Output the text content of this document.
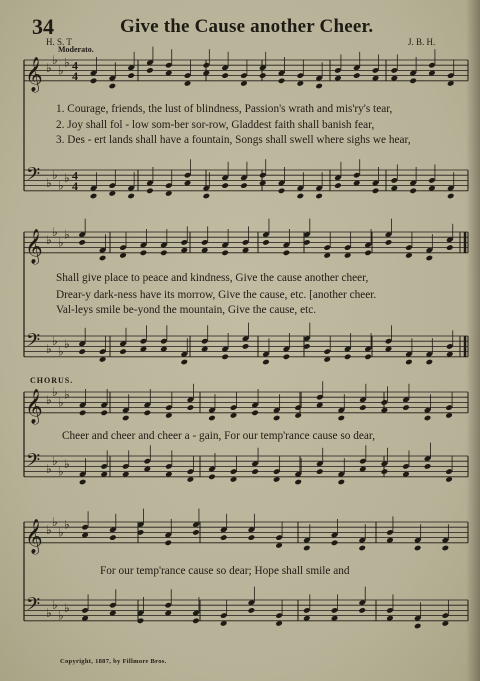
34	Give the Cause another Cheer.
H. S. T	J. B. H.
Moderato.
𝄞
𝄢
♭
♭
♭
♭
♭
♭
♭
♭
4
4
4
4
𝄞
𝄢
♭
♭
♭
♭
♭
♭
♭
♭
𝄞
𝄢
♭
♭
♭
♭
♭
♭
♭
♭
𝄞
𝄢
♭
♭
♭
♭
♭
♭
♭
♭
1. Courage, friends, the lust of blindness, Passion's wrath and mis'ry's tear,
2. Joy shall fol - low som-ber sor-row, Gladdest faith shall banish fear,
3. Des - ert lands shall have a fountain, Songs shall swell where sighs we hear,
Shall give place to peace and kindness, Give the cause another cheer,
Drear-y dark-ness have its morrow, Give the cause, etc. [another cheer.
Val-leys smile be-yond the mountain, Give the cause, etc.
CHORUS.
Cheer and cheer and cheer a - gain, For our temp'rance cause so dear,
For our temp'rance cause so dear; Hope shall smile and
Copyright, 1887, by Fillmore Bros.
